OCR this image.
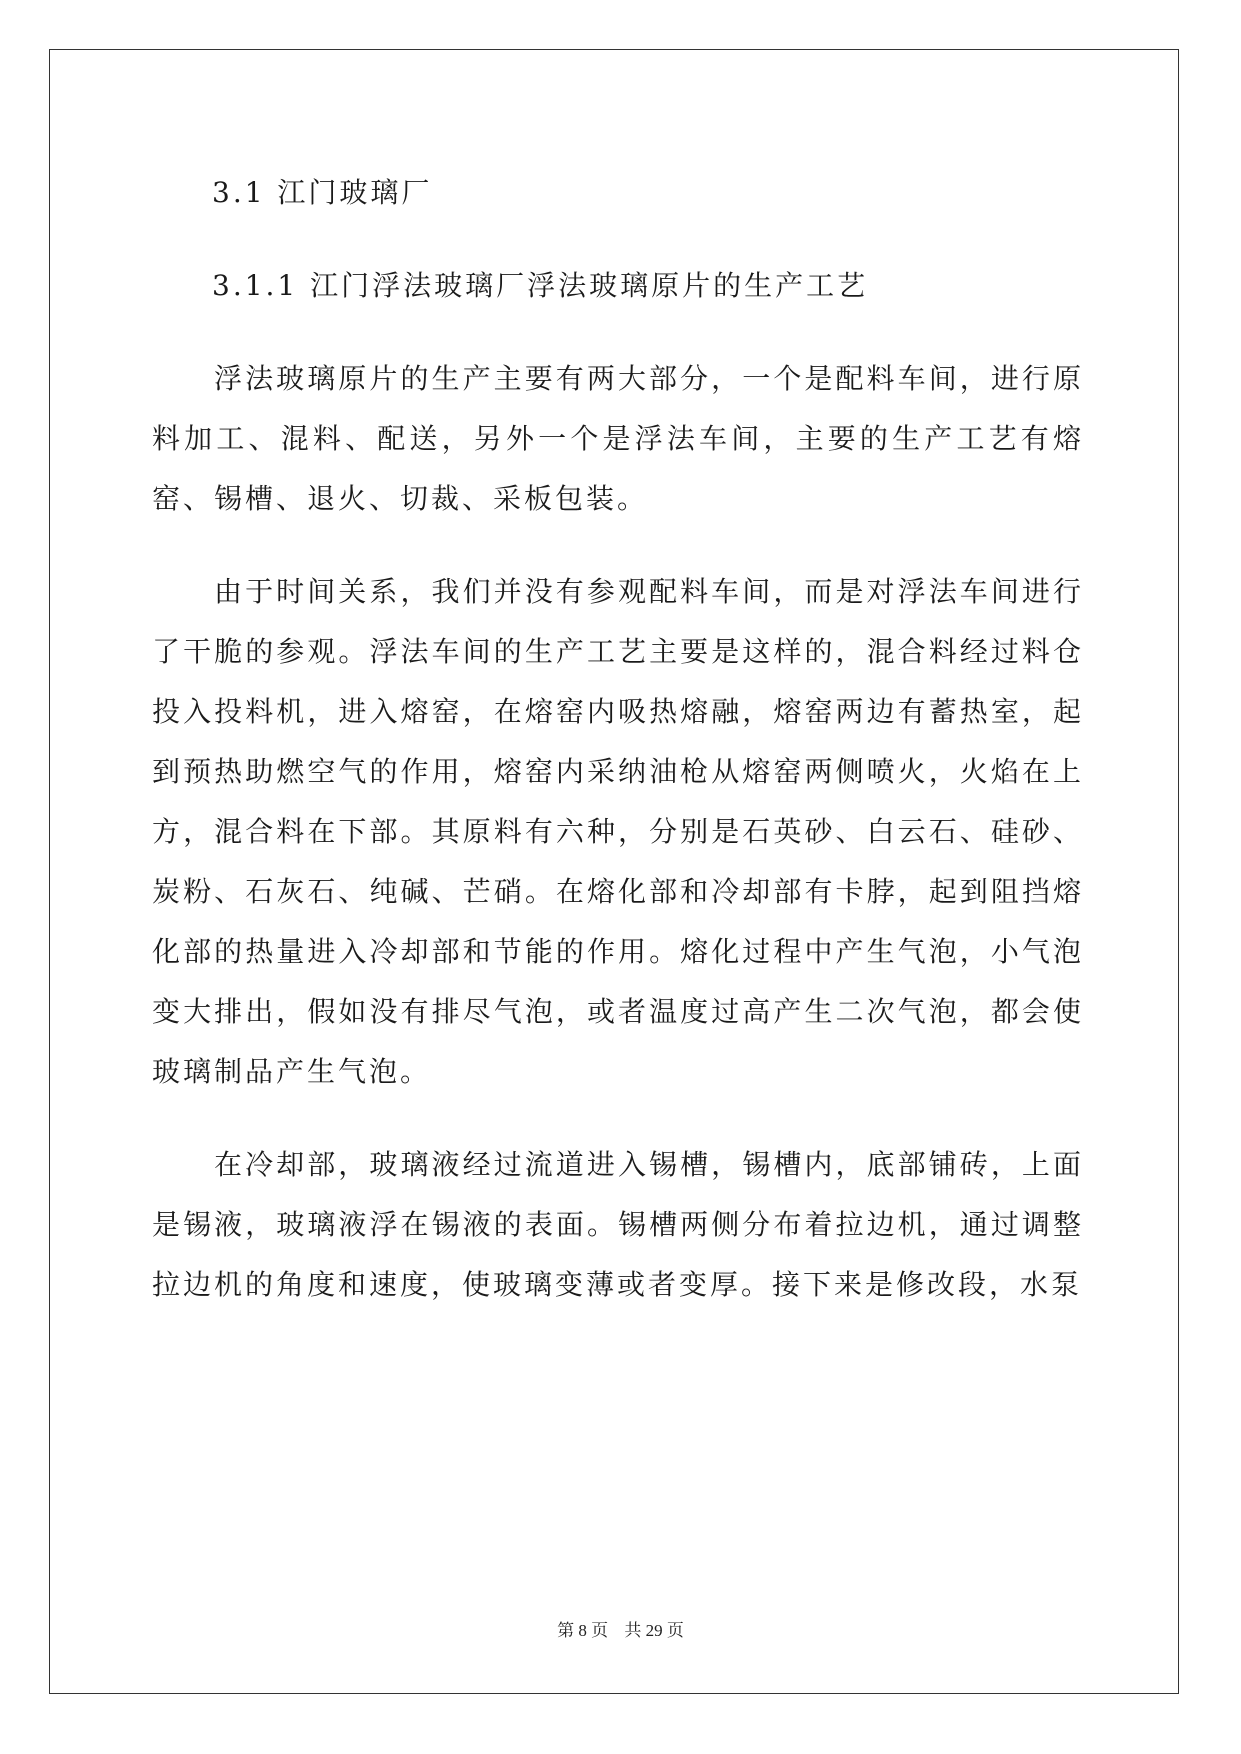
3.1 江门玻璃厂
3.1.1 江门浮法玻璃厂浮法玻璃原片的生产工艺

浮法玻璃原片的生产主要有两大部分，一个是配料车间，进行原料加工、混料、配送，另外一个是浮法车间，主要的生产工艺有熔窑、锡槽、退火、切裁、采板包装。

由于时间关系，我们并没有参观配料车间，而是对浮法车间进行了干脆的参观。浮法车间的生产工艺主要是这样的，混合料经过料仓投入投料机，进入熔窑，在熔窑内吸热熔融，熔窑两边有蓄热室，起到预热助燃空气的作用，熔窑内采纳油枪从熔窑两侧喷火，火焰在上方，混合料在下部。其原料有六种，分别是石英砂、白云石、硅砂、炭粉、石灰石、纯碱、芒硝。在熔化部和冷却部有卡脖，起到阻挡熔化部的热量进入冷却部和节能的作用。熔化过程中产生气泡，小气泡变大排出，假如没有排尽气泡，或者温度过高产生二次气泡，都会使玻璃制品产生气泡。

在冷却部，玻璃液经过流道进入锡槽，锡槽内，底部铺砖，上面是锡液，玻璃液浮在锡液的表面。锡槽两侧分布着拉边机，通过调整拉边机的角度和速度，使玻璃变薄或者变厚。接下来是修改段，水泵

第 8 页 共 29 页
